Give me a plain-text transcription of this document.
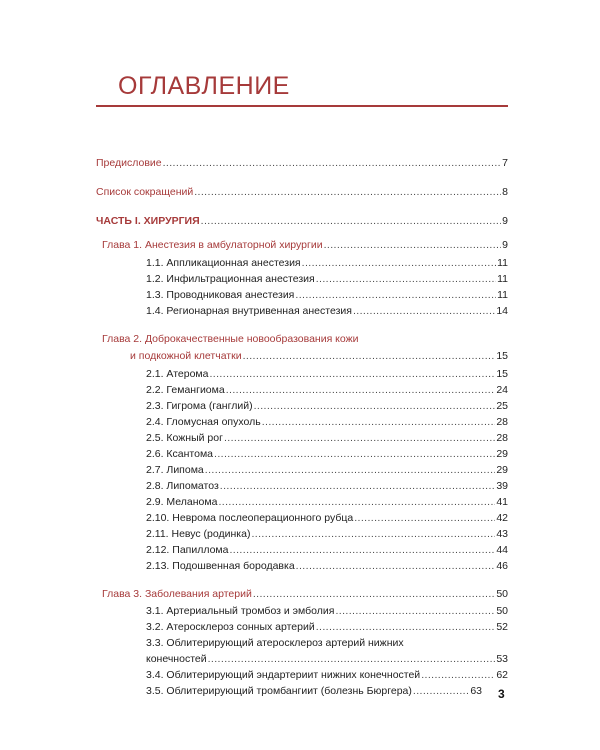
ОГЛАВЛЕНИЕ
Предисловие .....	7
Список сокращений .....	8
ЧАСТЬ I. ХИРУРГИЯ .....	9
Глава 1. Анестезия в амбулаторной хирургии .....	9
1.1. Аппликационная анестезия .....	11
1.2. Инфильтрационная анестезия .....	11
1.3. Проводниковая анестезия .....	11
1.4. Регионарная внутривенная анестезия .....	14
Глава 2. Доброкачественные новообразования кожи
и подкожной клетчатки .....	15
2.1. Атерома .....	15
2.2. Гемангиома .....	24
2.3. Гигрома (ганглий) .....	25
2.4. Гломусная опухоль .....	28
2.5. Кожный рог .....	28
2.6. Ксантома .....	29
2.7. Липома .....	29
2.8. Липоматоз .....	39
2.9. Меланома .....	41
2.10. Неврома послеоперационного рубца .....	42
2.11. Невус (родинка) .....	43
2.12. Папиллома .....	44
2.13. Подошвенная бородавка .....	46
Глава 3. Заболевания артерий .....	50
3.1. Артериальный тромбоз и эмболия .....	50
3.2. Атеросклероз сонных артерий .....	52
3.3. Облитерирующий атеросклероз артерий нижних
конечностей .....	53
3.4. Облитерирующий эндартериит нижних конечностей .....	62
3.5. Облитерирующий тромбангиит (болезнь Бюргера) .....	63 3
